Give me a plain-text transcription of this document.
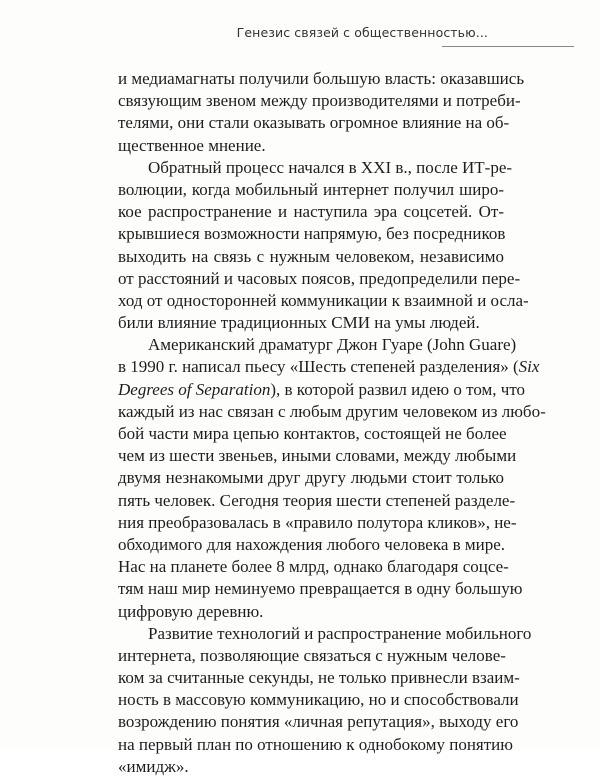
Генезис связей с общественностью...
и медиамагнаты получили большую власть: оказавшись
связующим звеном между производителями и потреби-
телями, они стали оказывать огромное влияние на об-
щественное мнение.
Обратный процесс начался в XXI в., после ИТ-ре-
волюции, когда мобильный интернет получил широ-
кое распространение и наступила эра соцсетей. От-
крывшиеся возможности напрямую, без посредников
выходить на связь с нужным человеком, независимо
от расстояний и часовых поясов, предопределили пере-
ход от односторонней коммуникации к взаимной и осла-
били влияние традиционных СМИ на умы людей.
Американский драматург Джон Гуаре (John Guare)
в 1990 г. написал пьесу «Шесть степеней разделения» (Six
Degrees of Separation), в которой развил идею о том, что
каждый из нас связан с любым другим человеком из любо-
бой части мира цепью контактов, состоящей не более
чем из шести звеньев, иными словами, между любыми
двумя незнакомыми друг другу людьми стоит только
пять человек. Сегодня теория шести степеней разделе-
ния преобразовалась в «правило полутора кликов», не-
обходимого для нахождения любого человека в мире.
Нас на планете более 8 млрд, однако благодаря соцсе-
тям наш мир неминуемо превращается в одну большую
цифровую деревню.
Развитие технологий и распространение мобильного
интернета, позволяющие связаться с нужным челове-
ком за считанные секунды, не только привнесли взаим-
ность в массовую коммуникацию, но и способствовали
возрождению понятия «личная репутация», выходу его
на первый план по отношению к однобокому понятию
«имидж».
